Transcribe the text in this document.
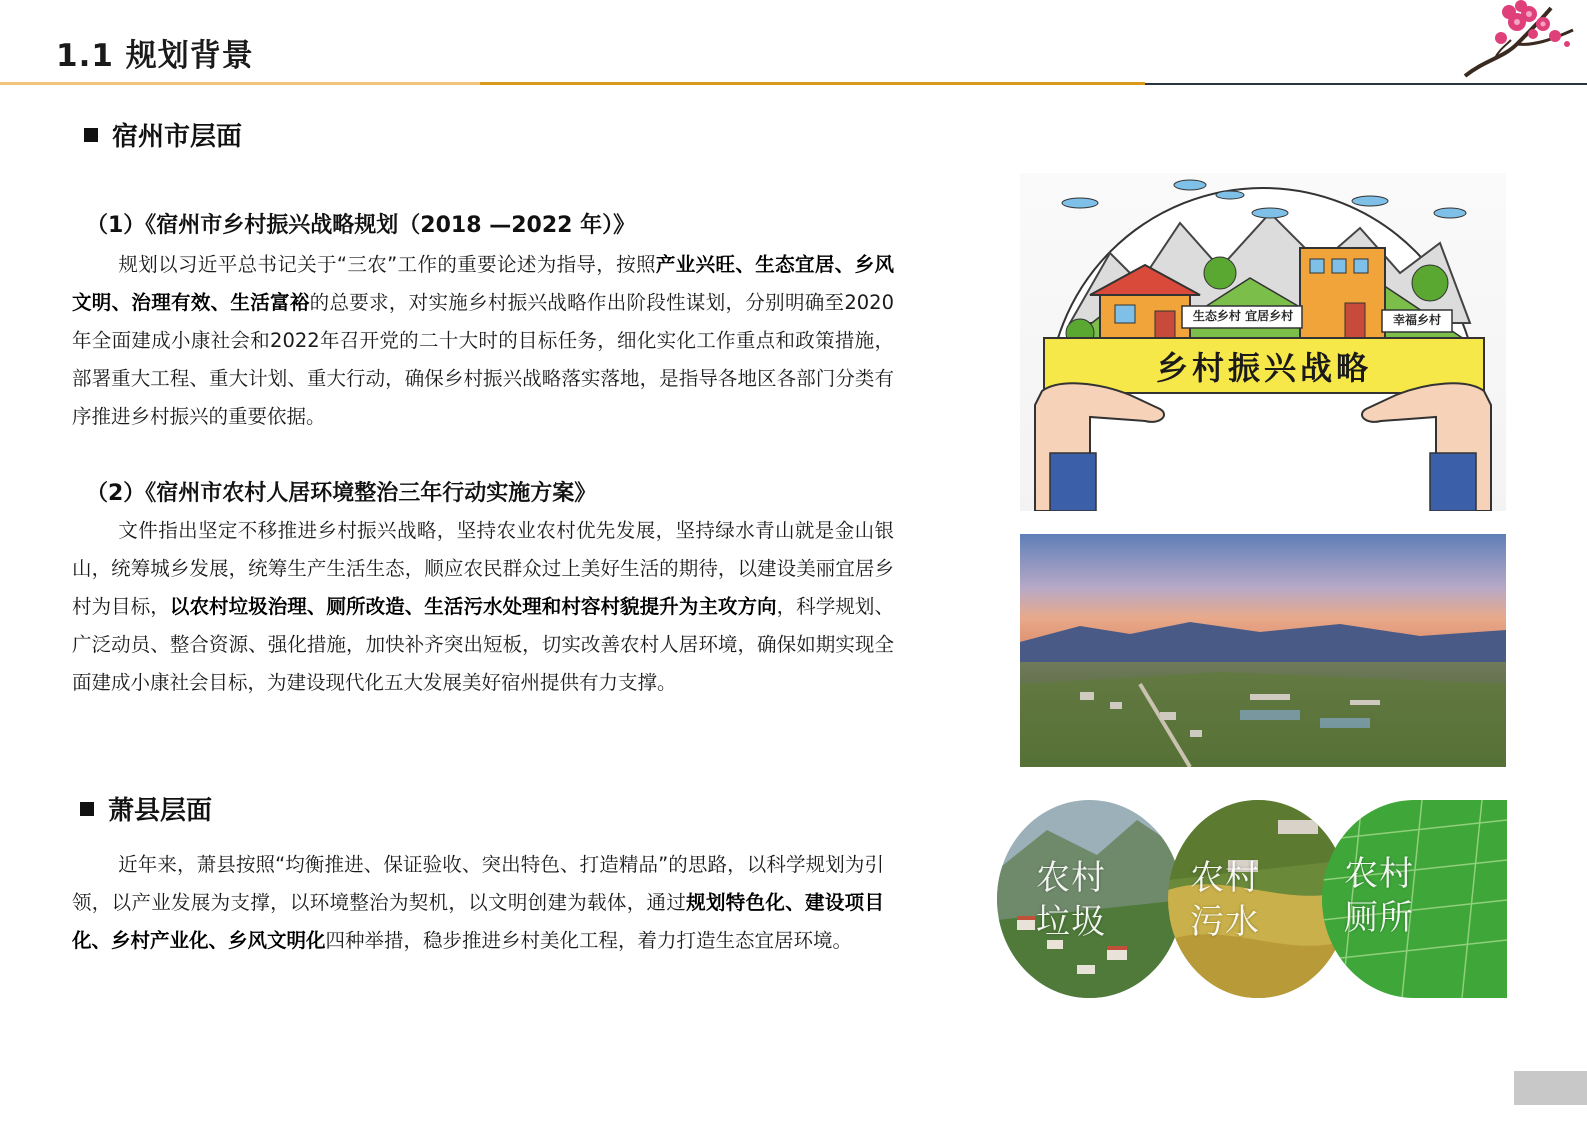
1.1 规划背景
宿州市层面
（1）《宿州市乡村振兴战略规划（2018 —2022 年）》
规划以习近平总书记关于“三农”工作的重要论述为指导，按照产业兴旺、生态宜居、乡风文明、治理有效、生活富裕的总要求，对实施乡村振兴战略作出阶段性谋划，分别明确至2020年全面建成小康社会和2022年召开党的二十大时的目标任务，细化实化工作重点和政策措施，部署重大工程、重大计划、重大行动，确保乡村振兴战略落实落地，是指导各地区各部门分类有序推进乡村振兴的重要依据。
（2）《宿州市农村人居环境整治三年行动实施方案》
文件指出坚定不移推进乡村振兴战略，坚持农业农村优先发展，坚持绿水青山就是金山银山，统筹城乡发展，统筹生产生活生态，顺应农民群众过上美好生活的期待，以建设美丽宜居乡村为目标，以农村垃圾治理、厕所改造、生活污水处理和村容村貌提升为主攻方向，科学规划、广泛动员、整合资源、强化措施，加快补齐突出短板，切实改善农村人居环境，确保如期实现全面建成小康社会目标，为建设现代化五大发展美好宿州提供有力支撑。
萧县层面
近年来，萧县按照“均衡推进、保证验收、突出特色、打造精品”的思路，以科学规划为引领，以产业发展为支撑，以环境整治为契机，以文明创建为载体，通过规划特色化、建设项目化、乡村产业化、乡风文明化四种举措，稳步推进乡村美化工程，着力打造生态宜居环境。
生态乡村 宜居乡村	幸福乡村
乡村振兴战略
农村
垃圾
农村
污水
农村
厕所
